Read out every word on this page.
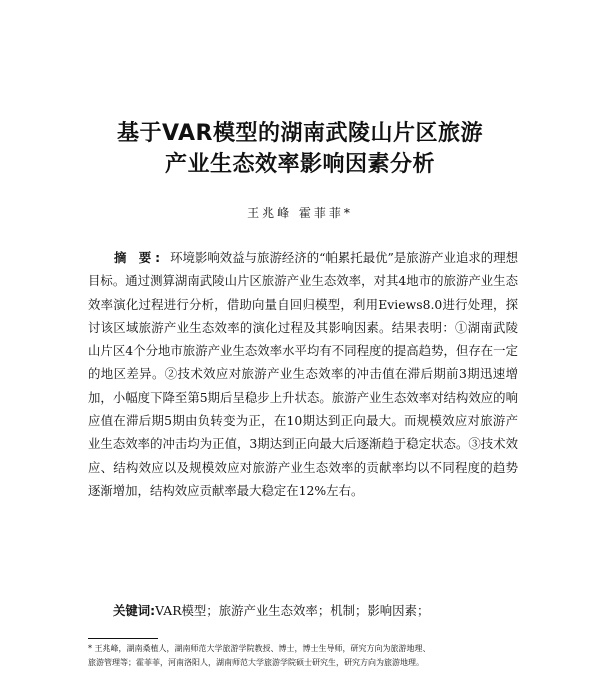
基于VAR模型的湖南武陵山片区旅游
产业生态效率影响因素分析
王兆峰 霍菲菲*
摘 要: 环境影响效益与旅游经济的“帕累托最优”是旅游产业追求的理想目标。通过测算湖南武陵山片区旅游产业生态效率，对其4地市的旅游产业生态效率演化过程进行分析，借助向量自回归模型，利用Eviews8.0进行处理，探讨该区域旅游产业生态效率的演化过程及其影响因素。结果表明：①湖南武陵山片区4个分地市旅游产业生态效率水平均有不同程度的提高趋势，但存在一定的地区差异。②技术效应对旅游产业生态效率的冲击值在滞后期前3期迅速增加，小幅度下降至第5期后呈稳步上升状态。旅游产业生态效率对结构效应的响应值在滞后期5期由负转变为正，在10期达到正向最大。而规模效应对旅游产业生态效率的冲击均为正值，3期达到正向最大后逐渐趋于稳定状态。③技术效应、结构效应以及规模效应对旅游产业生态效率的贡献率均以不同程度的趋势逐渐增加，结构效应贡献率最大稳定在12%左右。
关键词:VAR模型；旅游产业生态效率；机制；影响因素；
* 王兆峰，湖南桑植人，湖南师范大学旅游学院教授、博士，博士生导师，研究方向为旅游地理、
旅游管理等；霍菲菲，河南洛阳人，湖南师范大学旅游学院硕士研究生，研究方向为旅游地理。
